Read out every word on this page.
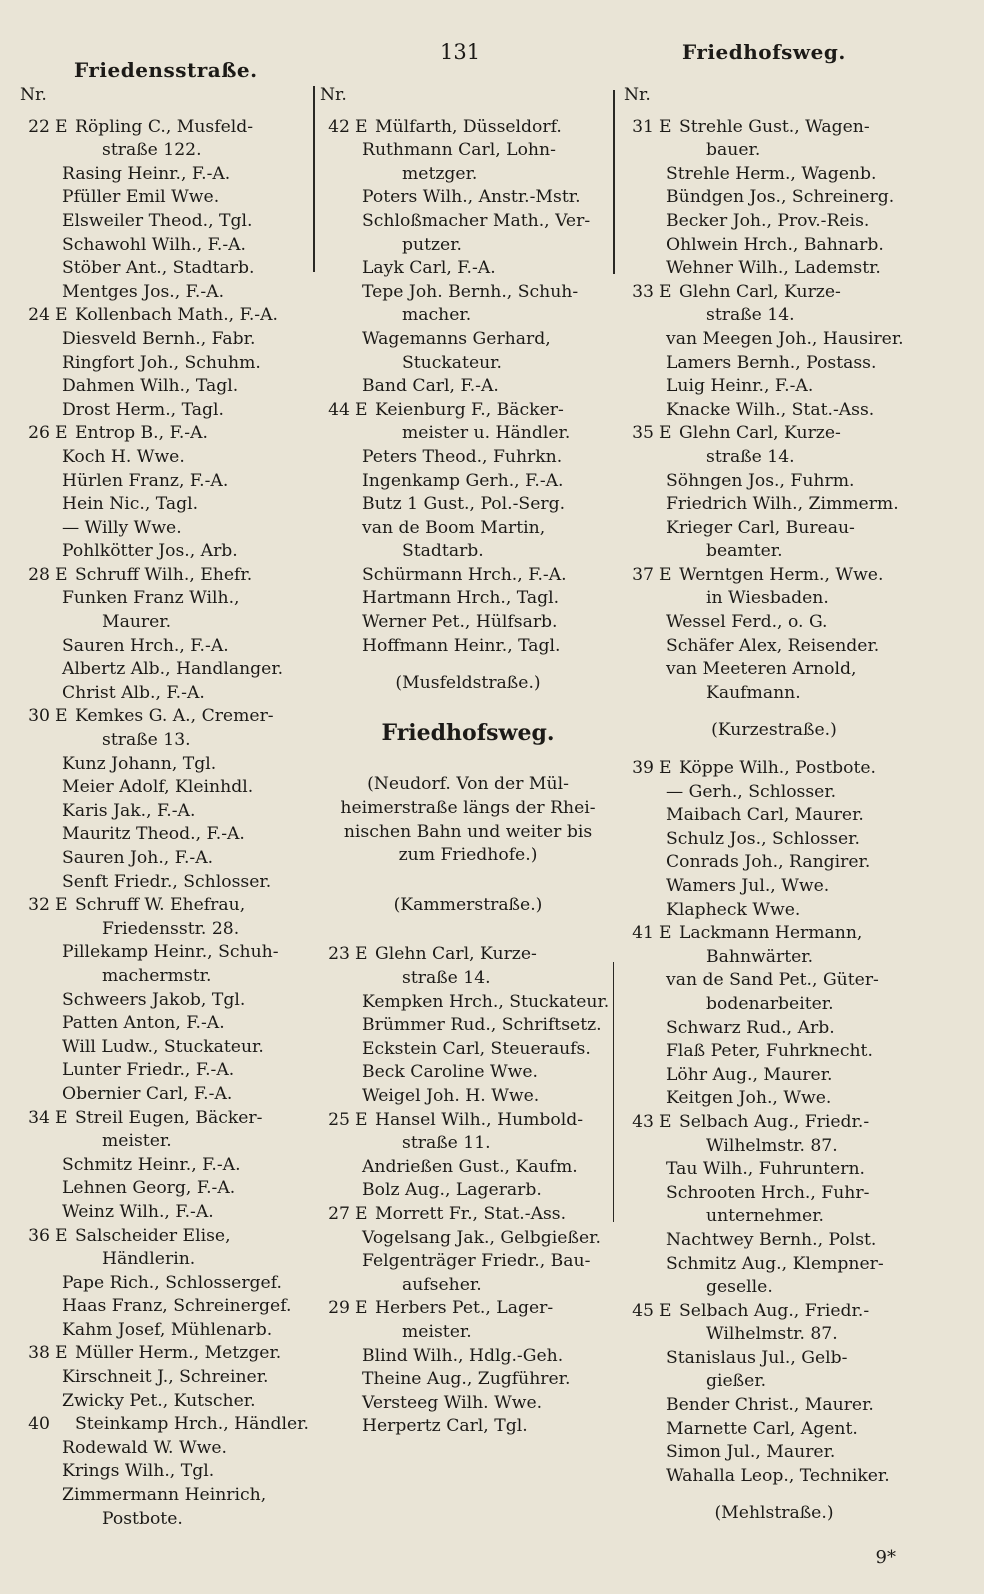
Friedensstraße.
131	Friedhofsweg.
Nr.
22 E Röpling C., Musfeld-
straße 122.
Rasing Heinr., F.-A.
Pfüller Emil Wwe.
Elsweiler Theod., Tgl.
Schawohl Wilh., F.-A.
Stöber Ant., Stadtarb.
Mentges Jos., F.-A.
24 E Kollenbach Math., F.-A.
Diesveld Bernh., Fabr.
Ringfort Joh., Schuhm.
Dahmen Wilh., Tagl.
Drost Herm., Tagl.
26 E Entrop B., F.-A.
Koch H. Wwe.
Hürlen Franz, F.-A.
Hein Nic., Tagl.
— Willy Wwe.
Pohlkötter Jos., Arb.
28 E Schruff Wilh., Ehefr.
Funken Franz Wilh.,
Maurer.
Sauren Hrch., F.-A.
Albertz Alb., Handlanger.
Christ Alb., F.-A.
30 E Kemkes G. A., Cremer-
straße 13.
Kunz Johann, Tgl.
Meier Adolf, Kleinhdl.
Karis Jak., F.-A.
Mauritz Theod., F.-A.
Sauren Joh., F.-A.
Senft Friedr., Schlosser.
32 E Schruff W. Ehefrau,
Friedensstr. 28.
Pillekamp Heinr., Schuh-
machermstr.
Schweers Jakob, Tgl.
Patten Anton, F.-A.
Will Ludw., Stuckateur.
Lunter Friedr., F.-A.
Obernier Carl, F.-A.
34 E Streil Eugen, Bäcker-
meister.
Schmitz Heinr., F.-A.
Lehnen Georg, F.-A.
Weinz Wilh., F.-A.
36 E Salscheider Elise,
Händlerin.
Pape Rich., Schlossergef.
Haas Franz, Schreinergef.
Kahm Josef, Mühlenarb.
38 E Müller Herm., Metzger.
Kirschneit J., Schreiner.
Zwicky Pet., Kutscher.
40 Steinkamp Hrch., Händler.
Rodewald W. Wwe.
Krings Wilh., Tgl.
Zimmermann Heinrich,
Postbote.
Nr.
42 E Mülfarth, Düsseldorf.
Ruthmann Carl, Lohn-
metzger.
Poters Wilh., Anstr.-Mstr.
Schloßmacher Math., Ver-
putzer.
Layk Carl, F.-A.
Tepe Joh. Bernh., Schuh-
macher.
Wagemanns Gerhard,
Stuckateur.
Band Carl, F.-A.
44 E Keienburg F., Bäcker-
meister u. Händler.
Peters Theod., Fuhrkn.
Ingenkamp Gerh., F.-A.
Butz 1 Gust., Pol.-Serg.
van de Boom Martin,
Stadtarb.
Schürmann Hrch., F.-A.
Hartmann Hrch., Tagl.
Werner Pet., Hülfsarb.
Hoffmann Heinr., Tagl.
(Musfeldstraße.)
Friedhofsweg.
(Neudorf. Von der Mül-
heimerstraße längs der Rhei-
nischen Bahn und weiter bis
zum Friedhofe.)
(Kammerstraße.)
23 E Glehn Carl, Kurze-
straße 14.
Kempken Hrch., Stuckateur.
Brümmer Rud., Schriftsetz.
Eckstein Carl, Steueraufs.
Beck Caroline Wwe.
Weigel Joh. H. Wwe.
25 E Hansel Wilh., Humbold-
straße 11.
Andrießen Gust., Kaufm.
Bolz Aug., Lagerarb.
27 E Morrett Fr., Stat.-Ass.
Vogelsang Jak., Gelbgießer.
Felgenträger Friedr., Bau-
aufseher.
29 E Herbers Pet., Lager-
meister.
Blind Wilh., Hdlg.-Geh.
Theine Aug., Zugführer.
Versteeg Wilh. Wwe.
Herpertz Carl, Tgl.
Nr.
31 E Strehle Gust., Wagen-
bauer.
Strehle Herm., Wagenb.
Bündgen Jos., Schreinerg.
Becker Joh., Prov.-Reis.
Ohlwein Hrch., Bahnarb.
Wehner Wilh., Lademstr.
33 E Glehn Carl, Kurze-
straße 14.
van Meegen Joh., Hausirer.
Lamers Bernh., Postass.
Luig Heinr., F.-A.
Knacke Wilh., Stat.-Ass.
35 E Glehn Carl, Kurze-
straße 14.
Söhngen Jos., Fuhrm.
Friedrich Wilh., Zimmerm.
Krieger Carl, Bureau-
beamter.
37 E Werntgen Herm., Wwe.
in Wiesbaden.
Wessel Ferd., o. G.
Schäfer Alex, Reisender.
van Meeteren Arnold,
Kaufmann.
(Kurzestraße.)
39 E Köppe Wilh., Postbote.
— Gerh., Schlosser.
Maibach Carl, Maurer.
Schulz Jos., Schlosser.
Conrads Joh., Rangirer.
Wamers Jul., Wwe.
Klapheck Wwe.
41 E Lackmann Hermann,
Bahnwärter.
van de Sand Pet., Güter-
bodenarbeiter.
Schwarz Rud., Arb.
Flaß Peter, Fuhrknecht.
Löhr Aug., Maurer.
Keitgen Joh., Wwe.
43 E Selbach Aug., Friedr.-
Wilhelmstr. 87.
Tau Wilh., Fuhruntern.
Schrooten Hrch., Fuhr-
unternehmer.
Nachtwey Bernh., Polst.
Schmitz Aug., Klempner-
geselle.
45 E Selbach Aug., Friedr.-
Wilhelmstr. 87.
Stanislaus Jul., Gelb-
gießer.
Bender Christ., Maurer.
Marnette Carl, Agent.
Simon Jul., Maurer.
Wahalla Leop., Techniker.
(Mehlstraße.)
9*
